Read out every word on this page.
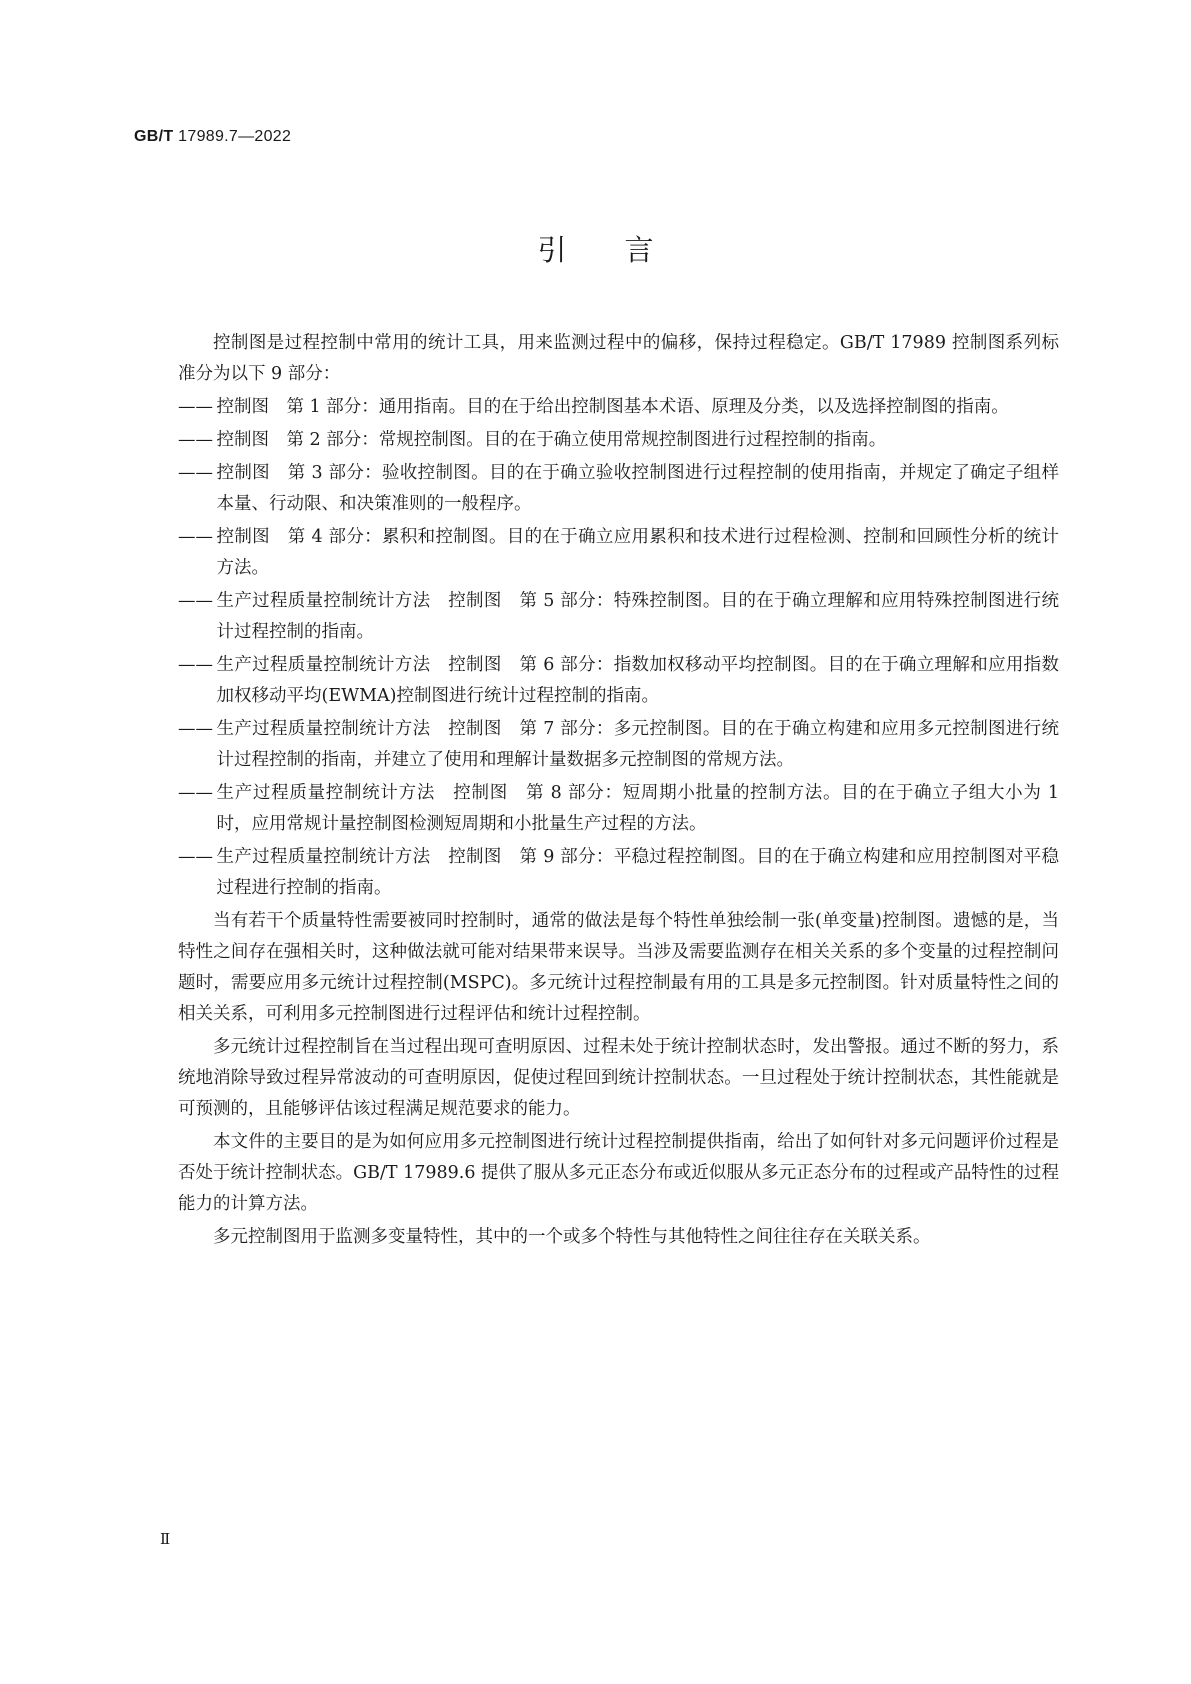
GB/T 17989.7—2022
引言

控制图是过程控制中常用的统计工具，用来监测过程中的偏移，保持过程稳定。GB/T 17989 控制图系列标准分为以下 9 部分：

—— 控制图　第 1 部分：通用指南。目的在于给出控制图基本术语、原理及分类，以及选择控制图的指南。
—— 控制图　第 2 部分：常规控制图。目的在于确立使用常规控制图进行过程控制的指南。
—— 控制图　第 3 部分：验收控制图。目的在于确立验收控制图进行过程控制的使用指南，并规定了确定子组样本量、行动限、和决策准则的一般程序。
—— 控制图　第 4 部分：累积和控制图。目的在于确立应用累积和技术进行过程检测、控制和回顾性分析的统计方法。
—— 生产过程质量控制统计方法　控制图　第 5 部分：特殊控制图。目的在于确立理解和应用特殊控制图进行统计过程控制的指南。
—— 生产过程质量控制统计方法　控制图　第 6 部分：指数加权移动平均控制图。目的在于确立理解和应用指数加权移动平均(EWMA)控制图进行统计过程控制的指南。
—— 生产过程质量控制统计方法　控制图　第 7 部分：多元控制图。目的在于确立构建和应用多元控制图进行统计过程控制的指南，并建立了使用和理解计量数据多元控制图的常规方法。
—— 生产过程质量控制统计方法　控制图　第 8 部分：短周期小批量的控制方法。目的在于确立子组大小为 1 时，应用常规计量控制图检测短周期和小批量生产过程的方法。
—— 生产过程质量控制统计方法　控制图　第 9 部分：平稳过程控制图。目的在于确立构建和应用控制图对平稳过程进行控制的指南。

当有若干个质量特性需要被同时控制时，通常的做法是每个特性单独绘制一张(单变量)控制图。遗憾的是，当特性之间存在强相关时，这种做法就可能对结果带来误导。当涉及需要监测存在相关关系的多个变量的过程控制问题时，需要应用多元统计过程控制(MSPC)。多元统计过程控制最有用的工具是多元控制图。针对质量特性之间的相关关系，可利用多元控制图进行过程评估和统计过程控制。

多元统计过程控制旨在当过程出现可查明原因、过程未处于统计控制状态时，发出警报。通过不断的努力，系统地消除导致过程异常波动的可查明原因，促使过程回到统计控制状态。一旦过程处于统计控制状态，其性能就是可预测的，且能够评估该过程满足规范要求的能力。

本文件的主要目的是为如何应用多元控制图进行统计过程控制提供指南，给出了如何针对多元问题评价过程是否处于统计控制状态。GB/T 17989.6 提供了服从多元正态分布或近似服从多元正态分布的过程或产品特性的过程能力的计算方法。

多元控制图用于监测多变量特性，其中的一个或多个特性与其他特性之间往往存在关联关系。

Ⅱ
